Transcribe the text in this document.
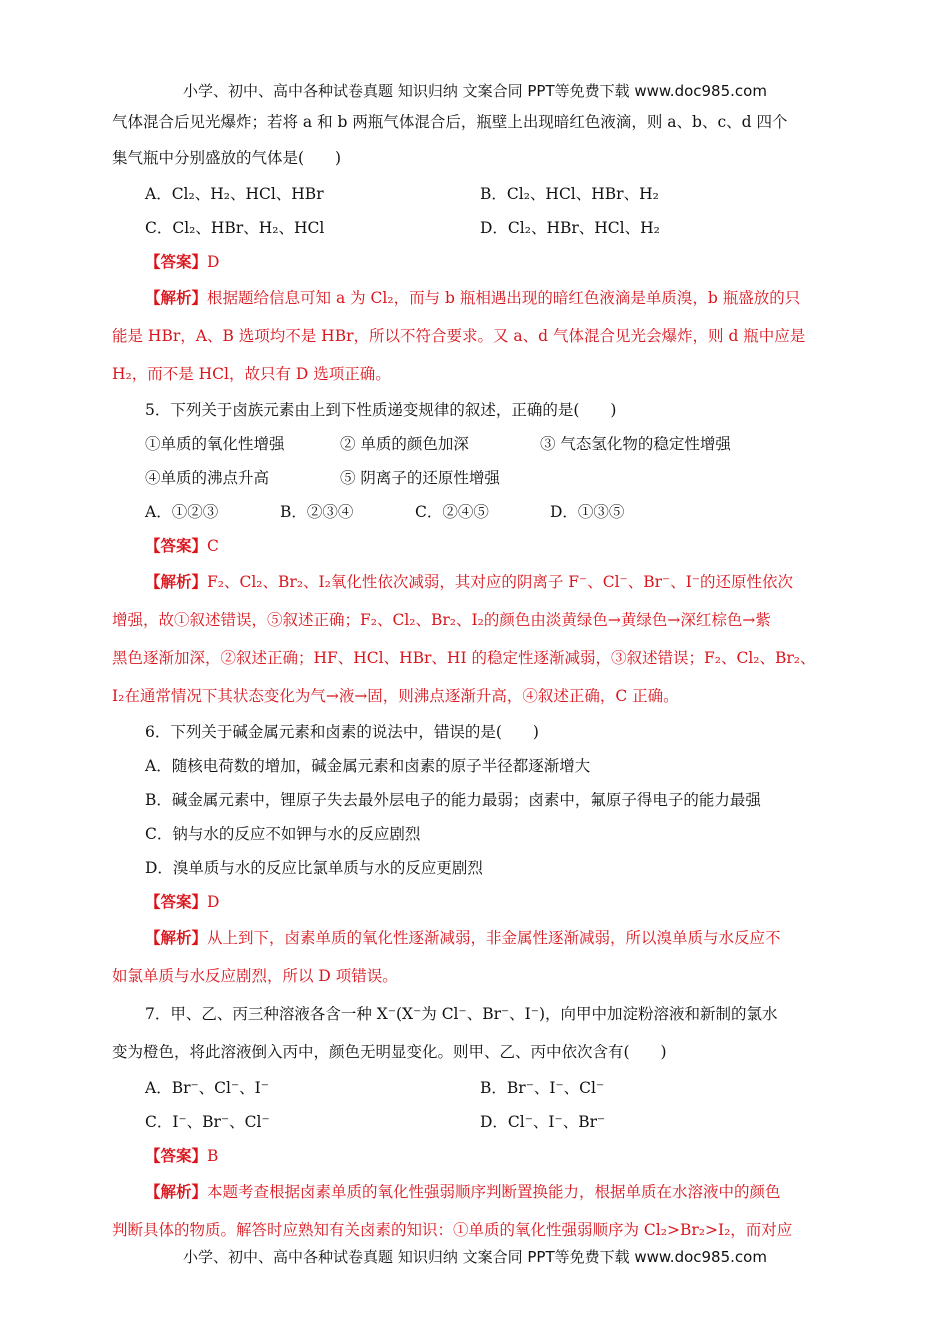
小学、初中、高中各种试卷真题 知识归纳 文案合同 PPT等免费下载 www.doc985.com
气体混合后见光爆炸；若将 a 和 b 两瓶气体混合后，瓶壁上出现暗红色液滴，则 a、b、c、d 四个
集气瓶中分别盛放的气体是(　　)
A．Cl₂、H₂、HCl、HBr	B．Cl₂、HCl、HBr、H₂
C．Cl₂、HBr、H₂、HCl	D．Cl₂、HBr、HCl、H₂
【答案】D
【解析】根据题给信息可知 a 为 Cl₂，而与 b 瓶相遇出现的暗红色液滴是单质溴，b 瓶盛放的只
能是 HBr，A、B 选项均不是 HBr，所以不符合要求。又 a、d 气体混合见光会爆炸，则 d 瓶中应是
H₂，而不是 HCl，故只有 D 选项正确。
5．下列关于卤族元素由上到下性质递变规律的叙述，正确的是(　　)
①单质的氧化性增强	② 单质的颜色加深	③ 气态氢化物的稳定性增强
④单质的沸点升高	⑤ 阴离子的还原性增强
A．①②③	B．②③④	C．②④⑤	D．①③⑤
【答案】C
【解析】F₂、Cl₂、Br₂、I₂氧化性依次减弱，其对应的阴离子 F⁻、Cl⁻、Br⁻、I⁻的还原性依次
增强，故①叙述错误，⑤叙述正确；F₂、Cl₂、Br₂、I₂的颜色由淡黄绿色→黄绿色→深红棕色→紫
黑色逐渐加深，②叙述正确；HF、HCl、HBr、HI 的稳定性逐渐减弱，③叙述错误；F₂、Cl₂、Br₂、
I₂在通常情况下其状态变化为气→液→固，则沸点逐渐升高，④叙述正确，C 正确。
6．下列关于碱金属元素和卤素的说法中，错误的是(　　)
A．随核电荷数的增加，碱金属元素和卤素的原子半径都逐渐增大
B．碱金属元素中，锂原子失去最外层电子的能力最弱；卤素中，氟原子得电子的能力最强
C．钠与水的反应不如钾与水的反应剧烈
D．溴单质与水的反应比氯单质与水的反应更剧烈
【答案】D
【解析】从上到下，卤素单质的氧化性逐渐减弱，非金属性逐渐减弱，所以溴单质与水反应不
如氯单质与水反应剧烈，所以 D 项错误。
7．甲、乙、丙三种溶液各含一种 X⁻(X⁻为 Cl⁻、Br⁻、I⁻)，向甲中加淀粉溶液和新制的氯水
变为橙色，将此溶液倒入丙中，颜色无明显变化。则甲、乙、丙中依次含有(　　)
A．Br⁻、Cl⁻、I⁻	B．Br⁻、I⁻、Cl⁻
C．I⁻、Br⁻、Cl⁻	D．Cl⁻、I⁻、Br⁻
【答案】B
【解析】本题考查根据卤素单质的氧化性强弱顺序判断置换能力，根据单质在水溶液中的颜色
判断具体的物质。解答时应熟知有关卤素的知识：①单质的氧化性强弱顺序为 Cl₂>Br₂>I₂，而对应
小学、初中、高中各种试卷真题 知识归纳 文案合同 PPT等免费下载 www.doc985.com
